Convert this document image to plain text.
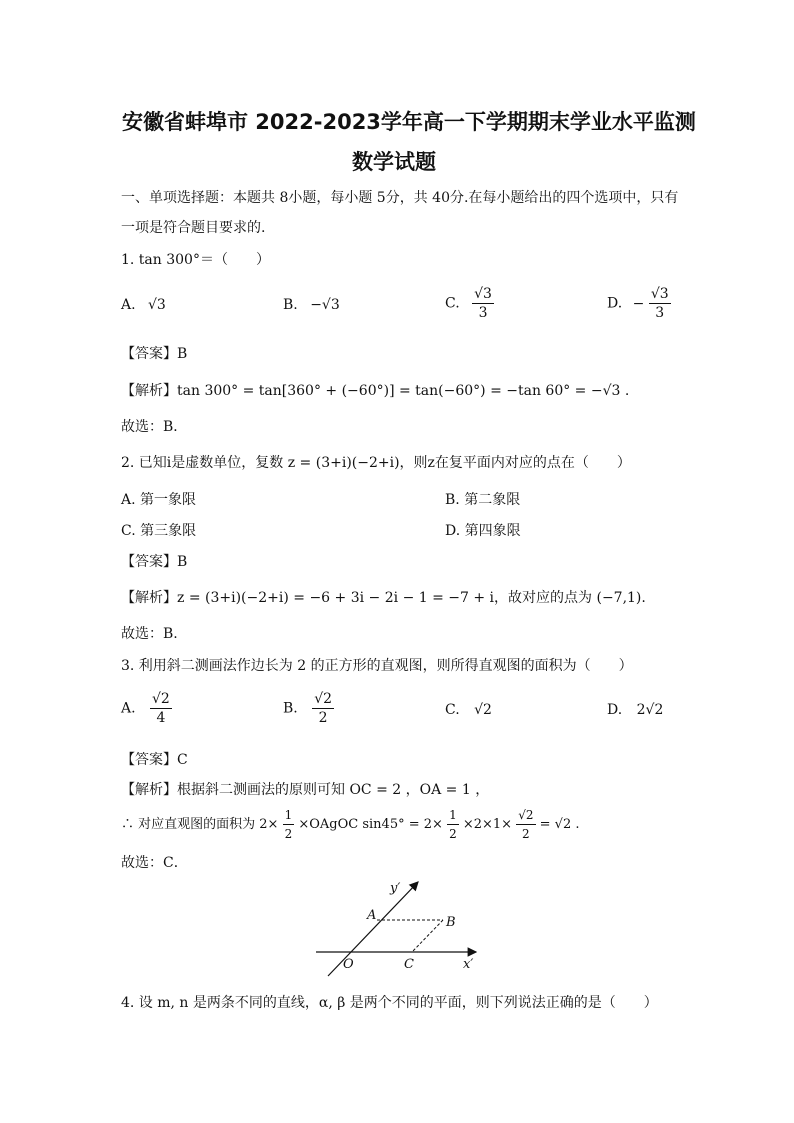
安徽省蚌埠市 2022-2023学年高一下学期期末学业水平监测
数学试题
一、单项选择题：本题共 8小题，每小题 5分，共 40分.在每小题给出的四个选项中，只有
一项是符合题目要求的.
1. tan 300°＝（　　）
A. √3	B. −√3	C. $\frac{√3}{3}$	D. − $\frac{√3}{3}$
【答案】B
【解析】tan 300° = tan[360° + (−60°)] = tan(−60°) = −tan 60° = −√3 .
故选：B．
2. 已知i是虚数单位，复数 z = (3+i)(−2+i)，则z在复平面内对应的点在（　　）
A. 第一象限	B. 第二象限
C. 第三象限	D. 第四象限
【答案】B
【解析】z = (3+i)(−2+i) = −6 + 3i − 2i − 1 = −7 + i，故对应的点为 (−7,1).
故选：B.
3. 利用斜二测画法作边长为 2 的正方形的直观图，则所得直观图的面积为（　　）
A. $\frac{√2}{4}$	B. $\frac{√2}{2}$	C. √2	D. 2√2
【答案】C
【解析】根据斜二测画法的原则可知 OC = 2 ，OA = 1 ，
∴ 对应直观图的面积为 $2\times \frac{1}{2}$ ×OAgOC $\sin 45^\circ = 2\times \frac{1}{2} \times 2\times 1\times \frac{√2}{2} = √2$ .
故选：C．
y′
x′
A	B
O	C
4. 设 m, n 是两条不同的直线，α, β 是两个不同的平面，则下列说法正确的是（　　）
